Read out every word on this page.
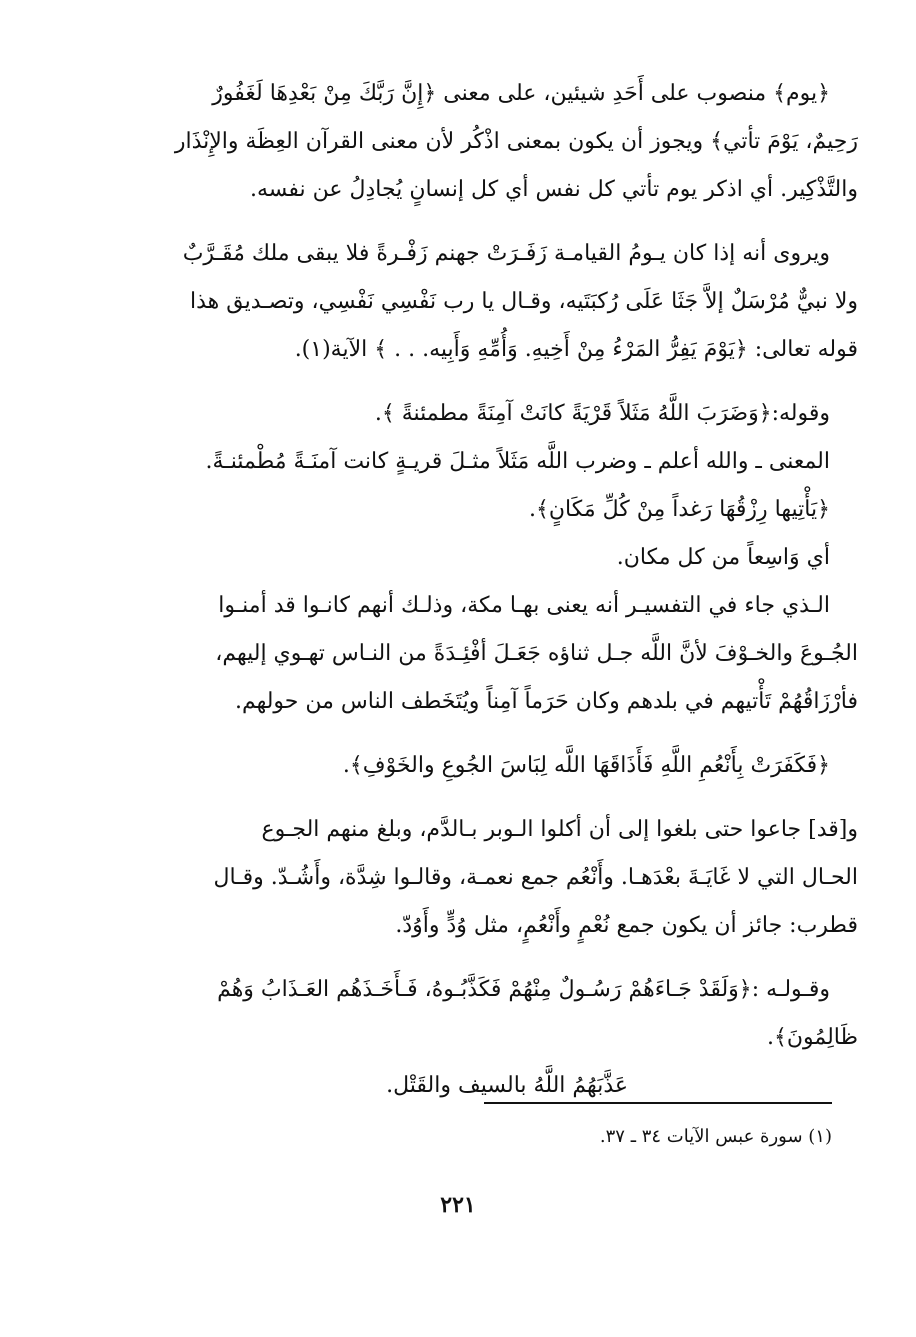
﴿يوم﴾ منصوب على أَحَدِ شيئين، على معنى ﴿إِنَّ رَبَّكَ مِنْ بَعْدِهَا لَغَفُورٌ
رَحِيمٌ، يَوْمَ تأتي﴾ ويجوز أن يكون بمعنى اذْكُر لأن معنى القرآن العِظَة والإِنْذَار
والتَّذْكِير. أي اذكر يوم تأتي كل نفس أي كل إنسانٍ يُجادِلُ عن نفسه.

ويروى أنه إذا كان يـومُ القيامـة زَفَـرَتْ جهنم زَفْـرةً فلا يبقى ملك مُقَـرَّبٌ
ولا نبيٌّ مُرْسَلٌ إلاَّ جَثَا عَلَى رُكبَتَيه، وقـال يا رب نَفْسِي نَفْسِي، وتصـديق هذا
قوله تعالى: ﴿يَوْمَ يَفِرُّ المَرْءُ مِنْ أَخِيهِ. وَأُمِّهِ وَأَبِيه. . . ﴾ الآية(١).

وقوله:﴿وَضَرَبَ اللَّهُ مَثَلاً قَرْيَةً كانَتْ آمِنَةً مطمئنةً ﴾.
المعنى ـ والله أعلم ـ وضرب اللَّه مَثَلاً مثـلَ قريـةٍ كانت آمنَـةً مُطْمئنـةً.
﴿يَأْتِيها رِزْقُهَا رَغداً مِنْ كُلِّ مَكَانٍ﴾.
أي وَاسِعاً من كل مكان.
الـذي جاء في التفسيـر أنه يعنى بهـا مكة، وذلـك أنهم كانـوا قد أمنـوا
الجُـوعَ والخـوْفَ لأنَّ اللَّه جـل ثناؤه جَعَـلَ أفْئِـدَةً من النـاس تهـوي إليهم،
فأرْزَاقُهُمْ تَأْتيهم في بلدهم وكان حَرَماً آمِناً ويُتَخَطف الناس من حولهم.

﴿فَكَفَرَتْ بِأَنْعُمِ اللَّهِ فَأَذَاقَهَا اللَّه لِبَاسَ الجُوعِ والخَوْفِ﴾.

و[قد] جاعوا حتى بلغوا إلى أن أكلوا الـوبر بـالدَّم، وبلغ منهم الجـوع
الحـال التي لا غَايَـةَ بعْدَهـا. وأَنْعُم جمع نعمـة، وقالـوا شِدَّة، وأَشُـدّ. وقـال
قطرب: جائز أن يكون جمع نُعْمٍ وأَنْعُمٍ، مثل وُدٍّ وأَوُدّ.

وقـولـه :﴿وَلَقَدْ جَـاءَهُمْ رَسُـولٌ مِنْهُمْ فَكَذَّبُـوهُ، فَـأَخَـذَهُم العَـذَابُ وَهُمْ
ظَالِمُونَ﴾.
عَذَّبَهُمُ اللَّهُ بالسيف والقَتْل.

(١) سورة عبس الآيات ٣٤ ـ ٣٧.
٢٢١
